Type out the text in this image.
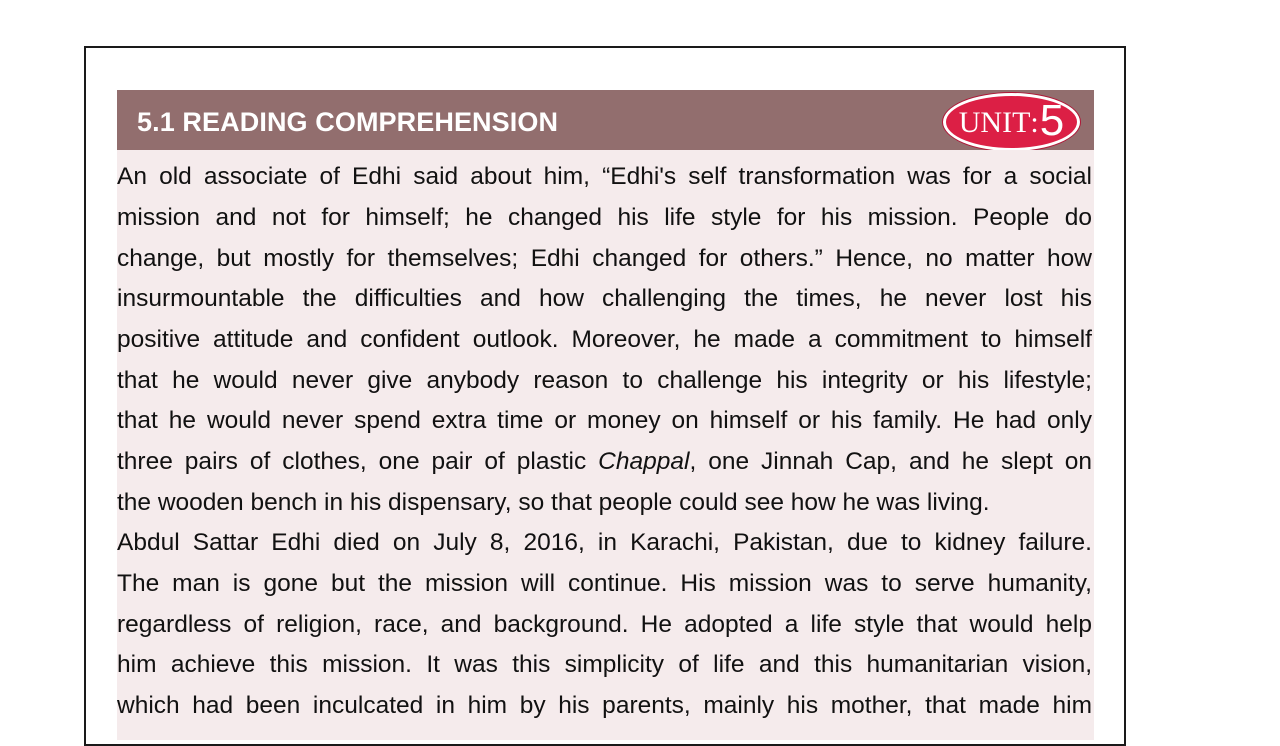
5.1 READING COMPREHENSION	UNIT : 5
An old associate of Edhi said about him, “Edhi's self transformation was for a social
mission and not for himself; he changed his life style for his mission. People do
change, but mostly for themselves; Edhi changed for others.” Hence, no matter how
insurmountable the difficulties and how challenging the times, he never lost his
positive attitude and confident outlook. Moreover, he made a commitment to himself
that he would never give anybody reason to challenge his integrity or his lifestyle;
that he would never spend extra time or money on himself or his family. He had only
three pairs of clothes, one pair of plastic Chappal, one Jinnah Cap, and he slept on
the wooden bench in his dispensary, so that people could see how he was living.
Abdul Sattar Edhi died on July 8, 2016, in Karachi, Pakistan, due to kidney failure.
The man is gone but the mission will continue. His mission was to serve humanity,
regardless of religion, race, and background. He adopted a life style that would help
him achieve this mission. It was this simplicity of life and this humanitarian vision,
which had been inculcated in him by his parents, mainly his mother, that made him
